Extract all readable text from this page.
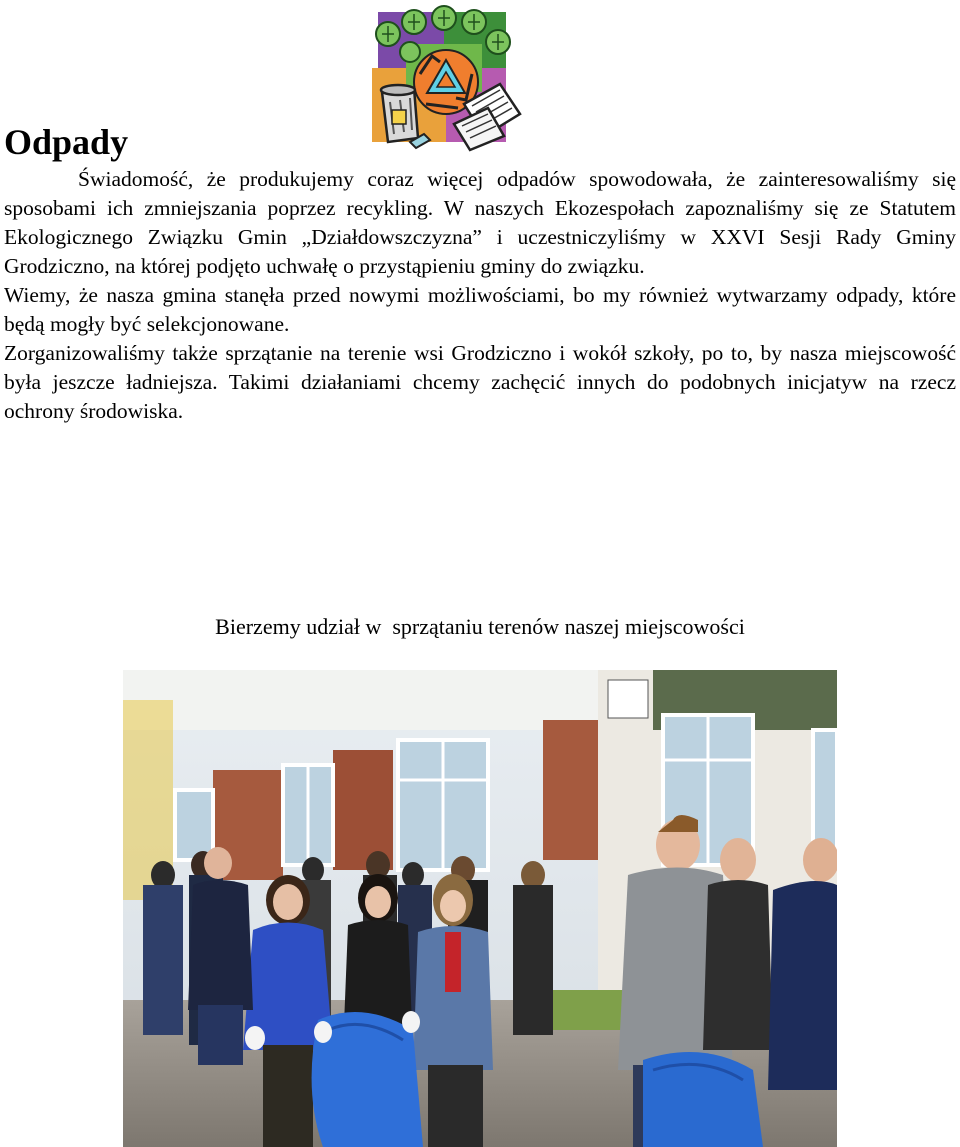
Odpady

Świadomość, że produkujemy coraz więcej odpadów spowodowała, że zainteresowaliśmy się sposobami ich zmniejszania poprzez recykling. W naszych Ekozespołach zapoznaliśmy się ze Statutem Ekologicznego Związku Gmin „Działdowszczyzna” i uczestniczyliśmy w XXVI Sesji Rady Gminy Grodziczno, na której podjęto uchwałę o przystąpieniu gminy do związku.

Wiemy, że nasza gmina stanęła przed nowymi możliwościami, bo my również wytwarzamy odpady, które będą mogły być selekcjonowane.

Zorganizowaliśmy także sprzątanie na terenie wsi Grodziczno i wokół szkoły, po to, by nasza miejscowość była jeszcze ładniejsza. Takimi działaniami chcemy zachęcić innych do podobnych inicjatyw na rzecz ochrony środowiska.

Bierzemy udział w  sprzątaniu terenów naszej miejscowości
